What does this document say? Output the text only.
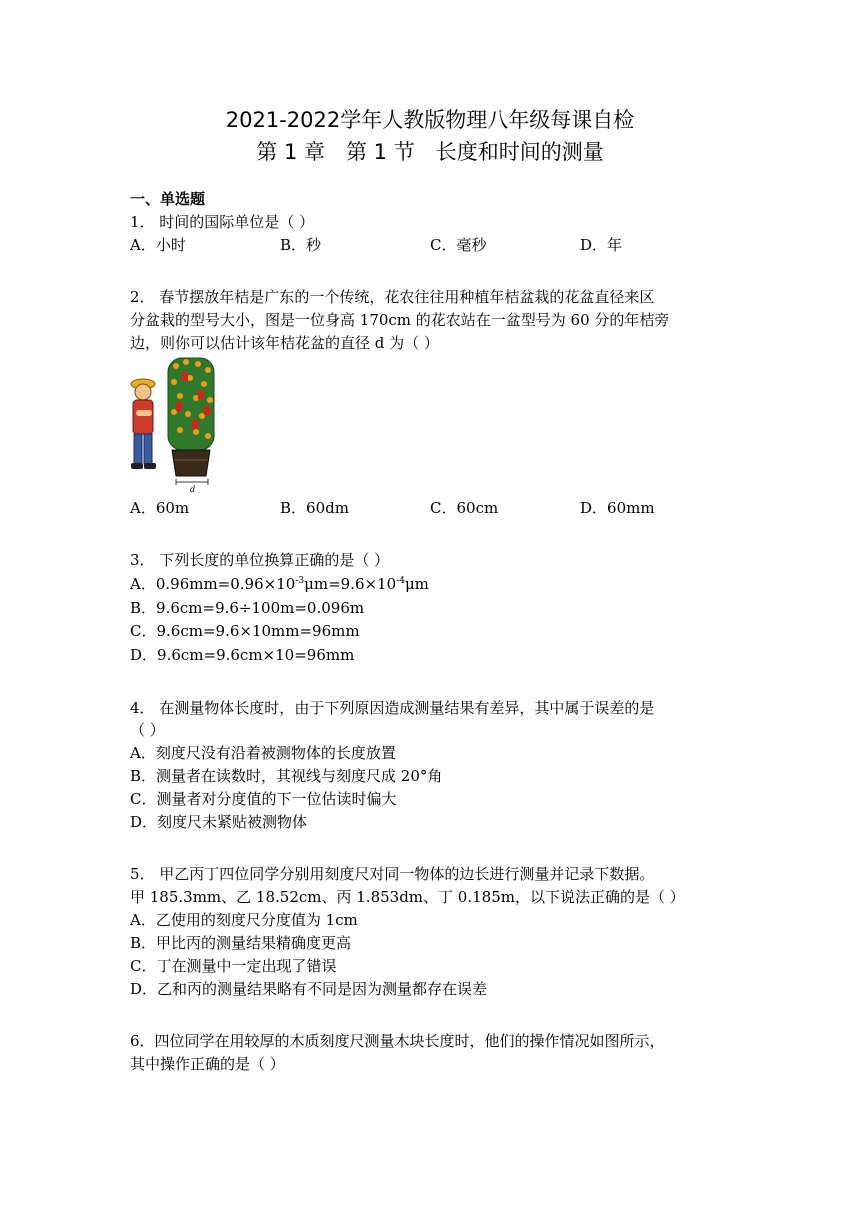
2021-2022学年人教版物理八年级每课自检
第 1 章　第 1 节　长度和时间的测量
一、单选题
1． 时间的国际单位是（ ）
A．小时	B．秒	C．毫秒	D．年
2． 春节摆放年桔是广东的一个传统，花农往往用种植年桔盆栽的花盆直径来区
分盆栽的型号大小，图是一位身高 170cm 的花农站在一盆型号为 60 分的年桔旁
边，则你可以估计该年桔花盆的直径 d 为（ ）
d
A．60m	B．60dm	C．60cm	D．60mm
3． 下列长度的单位换算正确的是（ ）
A．$0.96mm=0.96\times 10^{-3}\mu m=9.6\times 10^{-4}\mu m$
B．9.6cm=9.6÷100m=0.096m
C．9.6cm=9.6×10mm=96mm
D．9.6cm=9.6cm×10=96mm
4． 在测量物体长度时，由于下列原因造成测量结果有差异，其中属于误差的是
（ ）
A．刻度尺没有沿着被测物体的长度放置
B．测量者在读数时，其视线与刻度尺成 20°角
C．测量者对分度值的下一位估读时偏大
D．刻度尺未紧贴被测物体
5． 甲乙丙丁四位同学分别用刻度尺对同一物体的边长进行测量并记录下数据。
甲 185.3mm、乙 18.52cm、丙 1.853dm、丁 0.185m，以下说法正确的是（ ）
A．乙使用的刻度尺分度值为 1cm
B．甲比丙的测量结果精确度更高
C．丁在测量中一定出现了错误
D．乙和丙的测量结果略有不同是因为测量都存在误差
6．四位同学在用较厚的木质刻度尺测量木块长度时，他们的操作情况如图所示，
其中操作正确的是（ ）
